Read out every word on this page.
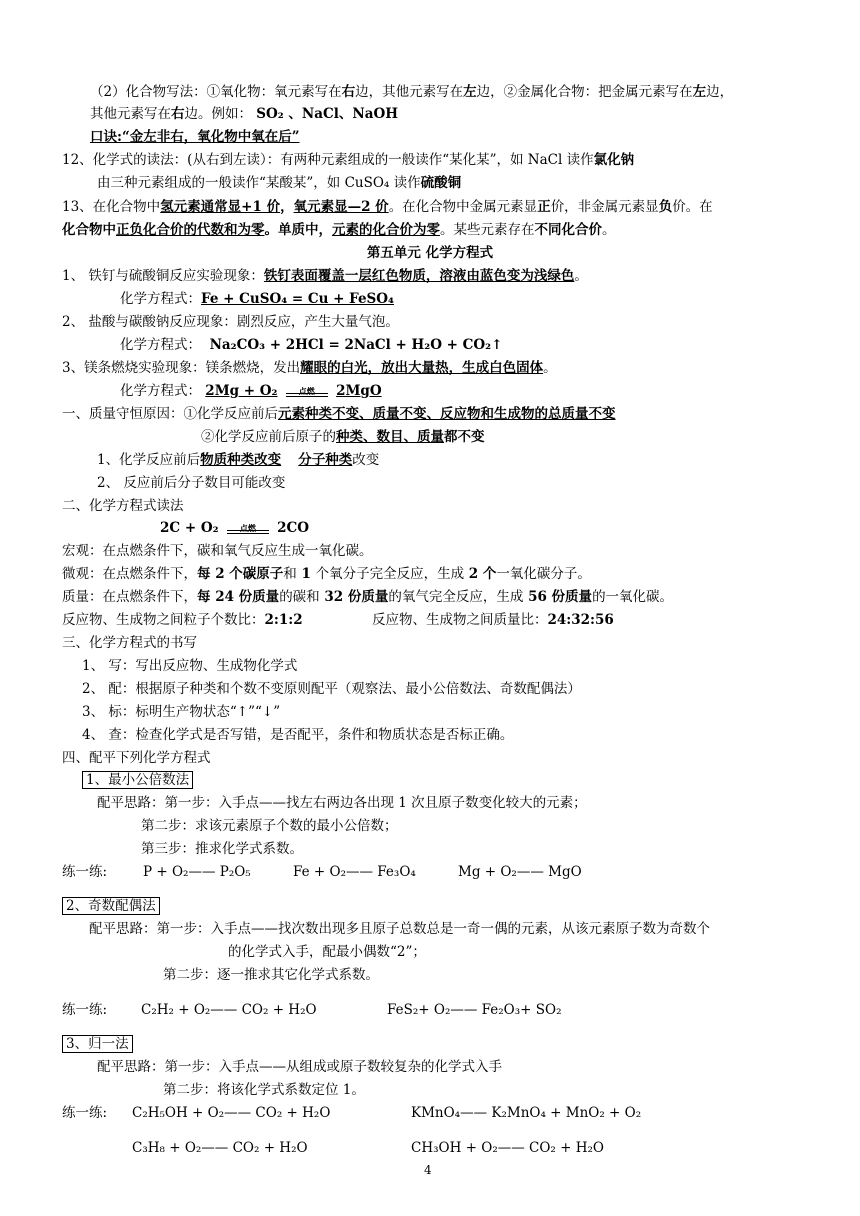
（2）化合物写法：①氧化物：氧元素写在右边，其他元素写在左边，②金属化合物：把金属元素写在左边，
其他元素写在右边。例如： SO₂ 、NaCl、NaOH
口诀:“金左非右，氧化物中氧在后”
12、化学式的读法：(从右到左读）：有两种元素组成的一般读作“某化某”，如 NaCl 读作氯化钠
由三种元素组成的一般读作“某酸某”，如 CuSO₄ 读作硫酸铜
13、在化合物中氢元素通常显+1 价，氧元素显—2 价。在化合物中金属元素显正价，非金属元素显负价。在
化合物中正负化合价的代数和为零。单质中，元素的化合价为零。某些元素存在不同化合价。
第五单元 化学方程式
1、 铁钉与硫酸铜反应实验现象：铁钉表面覆盖一层红色物质，溶液由蓝色变为浅绿色。
化学方程式：Fe + CuSO₄ = Cu + FeSO₄
2、 盐酸与碳酸钠反应现象：剧烈反应，产生大量气泡。
化学方程式： Na₂CO₃ + 2HCl = 2NaCl + H₂O + CO₂↑
3、镁条燃烧实验现象：镁条燃烧，发出耀眼的白光，放出大量热，生成白色固体。
化学方程式： 2Mg + O₂	点燃	2MgO
一、质量守恒原因：①化学反应前后元素种类不变、质量不变、反应物和生成物的总质量不变
②化学反应前后原子的种类、数目、质量都不变
1、化学反应前后物质种类改变 分子种类改变
2、 反应前后分子数目可能改变
二、化学方程式读法
2C + O₂	点燃	2CO
宏观：在点燃条件下，碳和氧气反应生成一氧化碳。
微观：在点燃条件下，每 2 个碳原子和 1 个氧分子完全反应，生成 2 个一氧化碳分子。
质量：在点燃条件下，每 24 份质量的碳和 32 份质量的氧气完全反应，生成 56 份质量的一氧化碳。
反应物、生成物之间粒子个数比：2:1:2	反应物、生成物之间质量比：24:32:56
三、化学方程式的书写
1、 写：写出反应物、生成物化学式
2、 配：根据原子种类和个数不变原则配平（观察法、最小公倍数法、奇数配偶法）
3、 标：标明生产物状态“↑”“↓”
4、 查：检查化学式是否写错，是否配平，条件和物质状态是否标正确。
四、配平下列化学方程式
1、最小公倍数法
配平思路：第一步：入手点——找左右两边各出现 1 次且原子数变化较大的元素；
第二步：求该元素原子个数的最小公倍数；
第三步：推求化学式系数。
练一练:	P + O₂—— P₂O₅	Fe + O₂—— Fe₃O₄	Mg + O₂—— MgO
2、奇数配偶法
配平思路：第一步：入手点——找次数出现多且原子总数总是一奇一偶的元素，从该元素原子数为奇数个
的化学式入手，配最小偶数“2”；
第二步：逐一推求其它化学式系数。
练一练:	C₂H₂ + O₂—— CO₂ + H₂O	FeS₂+ O₂—— Fe₂O₃+ SO₂
3、归一法
配平思路：第一步：入手点——从组成或原子数较复杂的化学式入手
第二步：将该化学式系数定位 1。
练一练: C₂H₅OH + O₂—— CO₂ + H₂O	KMnO₄—— K₂MnO₄ + MnO₂ + O₂
C₃H₈ + O₂—— CO₂ + H₂O	CH₃OH + O₂—— CO₂ + H₂O
4
